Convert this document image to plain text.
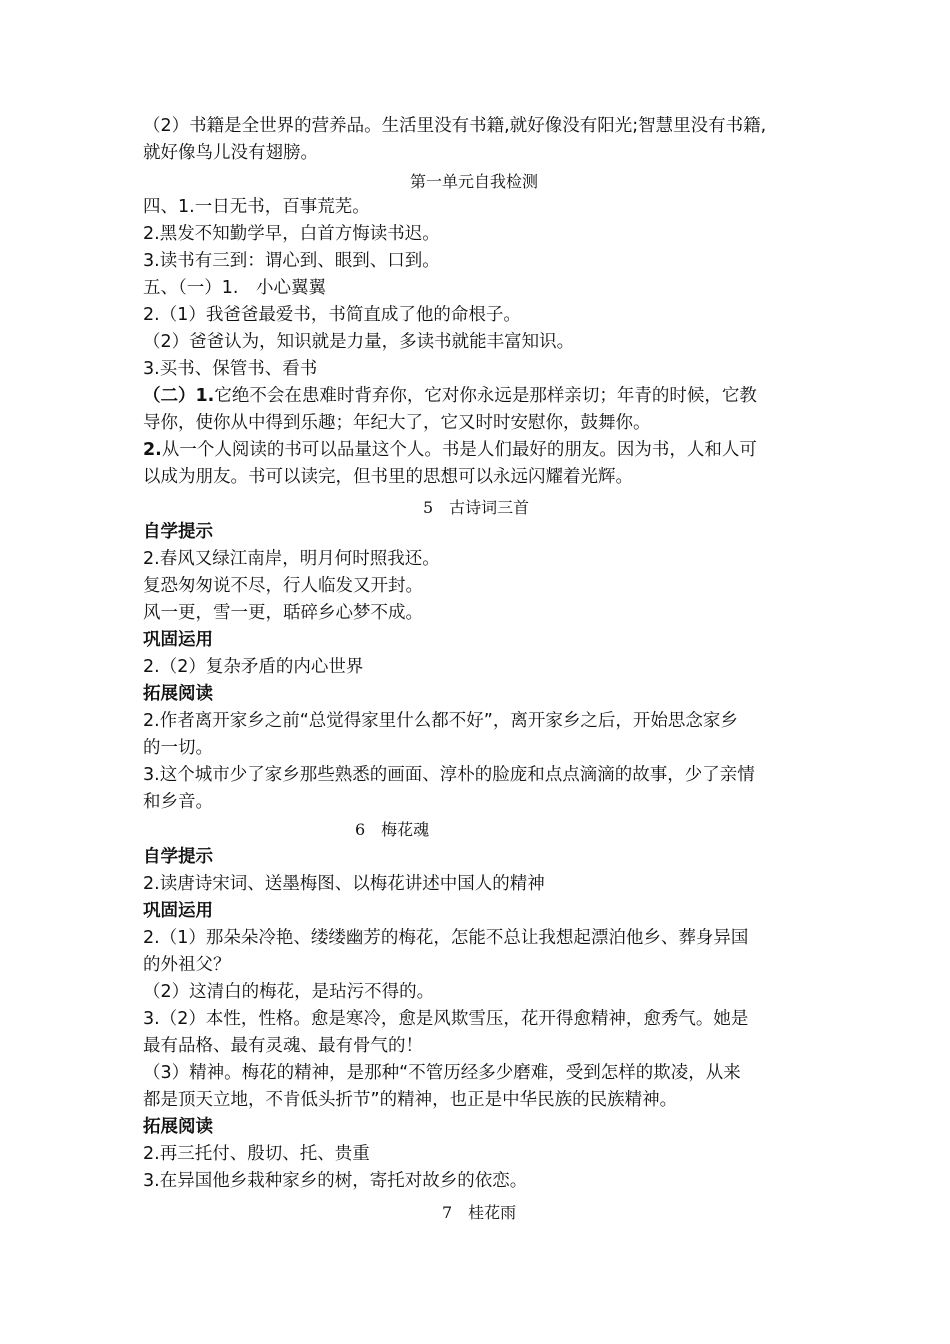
（2）书籍是全世界的营养品。生活里没有书籍,就好像没有阳光;智慧里没有书籍,
就好像鸟儿没有翅膀。
第一单元自我检测
四、1.一日无书，百事荒芜。
2.黑发不知勤学早，白首方悔读书迟。
3.读书有三到：谓心到、眼到、口到。
五、（一）1.　小心翼翼
2.（1）我爸爸最爱书，书简直成了他的命根子。
（2）爸爸认为，知识就是力量，多读书就能丰富知识。
3.买书、保管书、看书
（二）1.它绝不会在患难时背弃你，它对你永远是那样亲切；年青的时候，它教
导你，使你从中得到乐趣；年纪大了，它又时时安慰你，鼓舞你。
2.从一个人阅读的书可以品量这个人。书是人们最好的朋友。因为书，人和人可
以成为朋友。书可以读完，但书里的思想可以永远闪耀着光辉。
5　古诗词三首
自学提示
2.春风又绿江南岸，明月何时照我还。
复恐匆匆说不尽，行人临发又开封。
风一更，雪一更，聒碎乡心梦不成。
巩固运用
2.（2）复杂矛盾的内心世界
拓展阅读
2.作者离开家乡之前“总觉得家里什么都不好”，离开家乡之后，开始思念家乡
的一切。
3.这个城市少了家乡那些熟悉的画面、淳朴的脸庞和点点滴滴的故事，少了亲情
和乡音。
6　梅花魂
自学提示
2.读唐诗宋词、送墨梅图、以梅花讲述中国人的精神
巩固运用
2.（1）那朵朵冷艳、缕缕幽芳的梅花，怎能不总让我想起漂泊他乡、葬身异国
的外祖父？
（2）这清白的梅花，是玷污不得的。
3.（2）本性，性格。愈是寒冷，愈是风欺雪压，花开得愈精神，愈秀气。她是
最有品格、最有灵魂、最有骨气的！
（3）精神。梅花的精神，是那种“不管历经多少磨难，受到怎样的欺凌，从来
都是顶天立地，不肯低头折节”的精神，也正是中华民族的民族精神。
拓展阅读
2.再三托付、殷切、托、贵重
3.在异国他乡栽种家乡的树，寄托对故乡的依恋。
7　桂花雨
